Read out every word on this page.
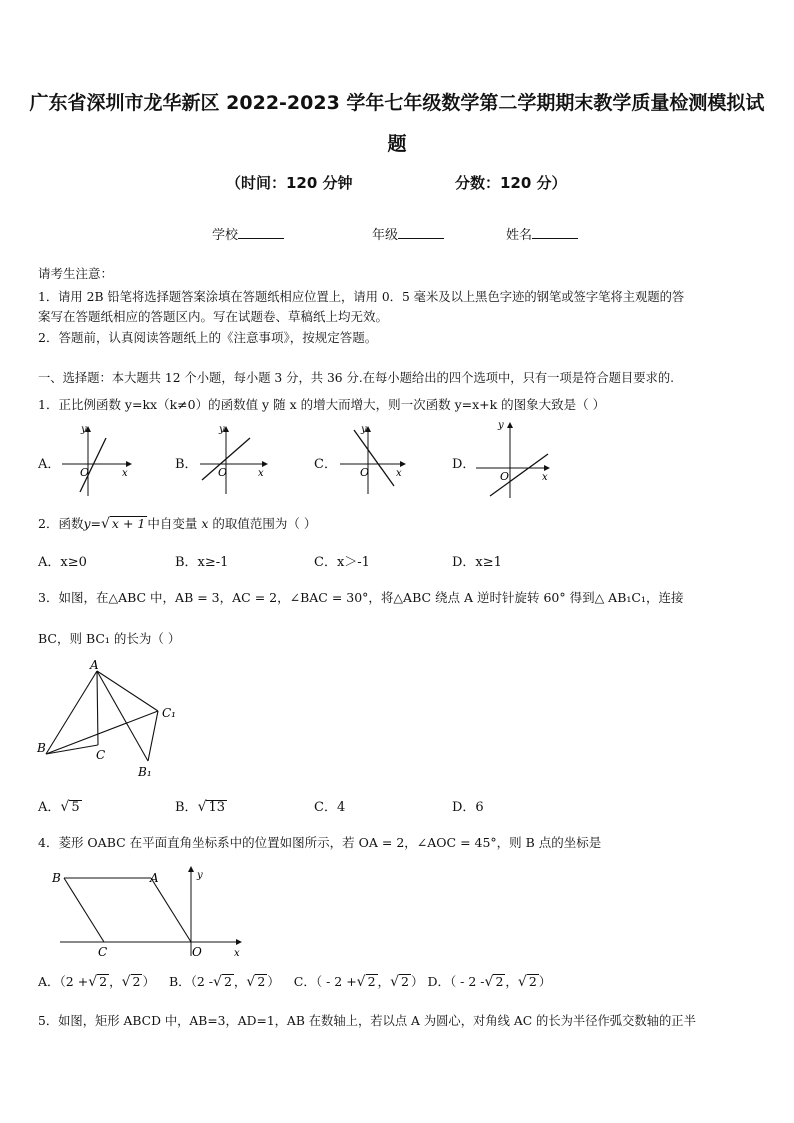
广东省深圳市龙华新区 2022-2023 学年七年级数学第二学期期末教学质量检测模拟试
题
（时间：120 分钟	分数：120 分）
学校	年级	姓名
请考生注意：
1．请用 2B 铅笔将选择题答案涂填在答题纸相应位置上，请用 0．5 毫米及以上黑色字迹的钢笔或签字笔将主观题的答
案写在答题纸相应的答题区内。写在试题卷、草稿纸上均无效。
2．答题前，认真阅读答题纸上的《注意事项》，按规定答题。
一、选择题：本大题共 12 个小题，每小题 3 分，共 36 分.在每小题给出的四个选项中，只有一项是符合题目要求的.
1．正比例函数 y=kx（k≠0）的函数值 y 随 x 的增大而增大，则一次函数 y=x+k 的图象大致是（ ）
A．
x
y
O
B．
x
y
O
C．
x
y
O
D．
x
y
O
2．函数y=√ x + 1 中自变量 x 的取值范围为（ ）
A．x≥0	B．x≥-1	C．x＞-1	D．x≥1
3．如图，在△ABC 中，AB = 3，AC = 2，∠BAC = 30°，将△ABC 绕点 A 逆时针旋转 60° 得到△ AB₁C₁，连接
BC，则 BC₁ 的长为（ ）
A
B	C
B₁
C₁
A．√ 5	B．√ 13	C．4	D．6
4．菱形 OABC 在平面直角坐标系中的位置如图所示，若 OA = 2，∠AOC = 45°，则 B 点的坐标是
B	A
C	O	x
y
A．（2 +√ 2 ，√ 2 ） B．（2 -√ 2 ，√ 2 ） C．（ - 2 +√ 2 ，√ 2 ） D．（ - 2 -√ 2 ，√ 2 ）
5．如图，矩形 ABCD 中，AB=3，AD=1，AB 在数轴上，若以点 A 为圆心，对角线 AC 的长为半径作弧交数轴的正半
